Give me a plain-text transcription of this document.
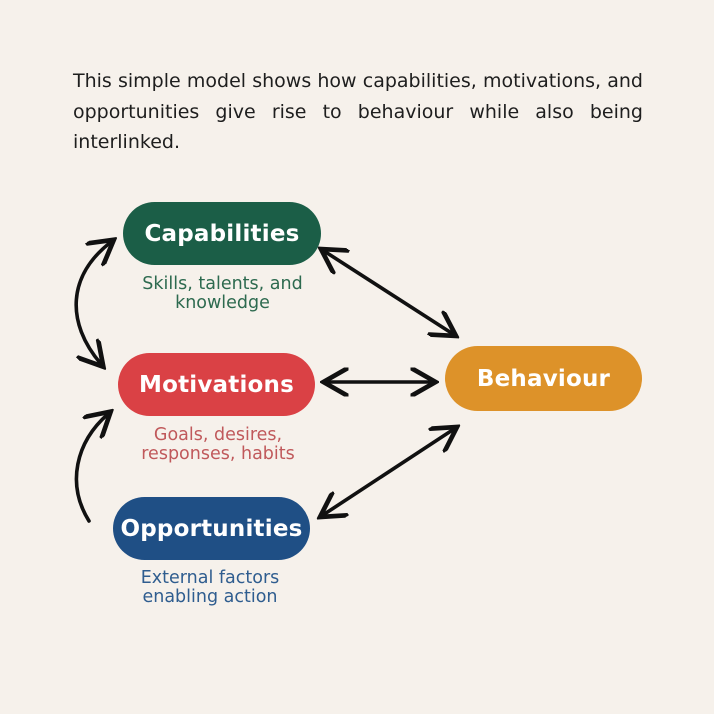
This simple model shows how capabilities, motivations, and opportunities give rise to behaviour while also being interlinked.

Capabilities
Skills, talents, and
knowledge
Motivations
Goals, desires,
responses, habits
Opportunities
External factors
enabling action
Behaviour
